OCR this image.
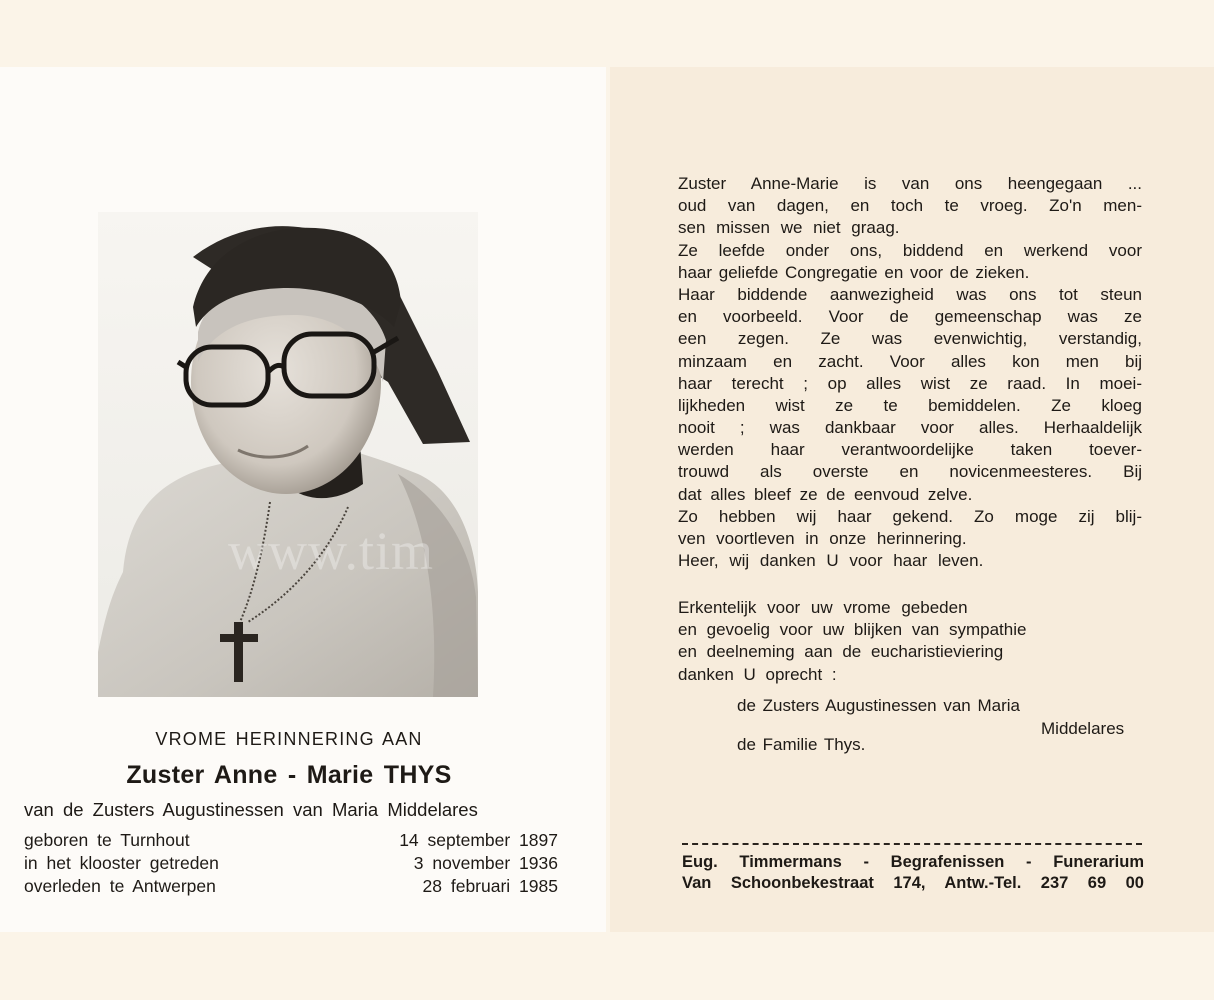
www.tim
VROME HERINNERING AAN
Zuster Anne - Marie THYS
van de Zusters Augustinessen van Maria Middelares
geboren te Turnhout	14 september 1897
in het klooster getreden	3 november 1936
overleden te Antwerpen	28 februari 1985
Zuster Anne-Marie is van ons heengegaan ...
oud van dagen, en toch te vroeg. Zo'n men-
sen missen we niet graag.
Ze leefde onder ons, biddend en werkend voor
haar geliefde Congregatie en voor de zieken.
Haar biddende aanwezigheid was ons tot steun
en voorbeeld. Voor de gemeenschap was ze
een zegen. Ze was evenwichtig, verstandig,
minzaam en zacht. Voor alles kon men bij
haar terecht ; op alles wist ze raad. In moei-
lijkheden wist ze te bemiddelen. Ze kloeg
nooit ; was dankbaar voor alles. Herhaaldelijk
werden haar verantwoordelijke taken toever-
trouwd als overste en novicenmeesteres. Bij
dat alles bleef ze de eenvoud zelve.
Zo hebben wij haar gekend. Zo moge zij blij-
ven voortleven in onze herinnering.
Heer, wij danken U voor haar leven.
Erkentelijk voor uw vrome gebeden
en gevoelig voor uw blijken van sympathie
en deelneming aan de eucharistieviering
danken U oprecht :
de Zusters Augustinessen van Maria
Middelares
de Familie Thys.
Eug. Timmermans - Begrafenissen - Funerarium
Van Schoonbekestraat 174, Antw.-Tel. 237 69 00
